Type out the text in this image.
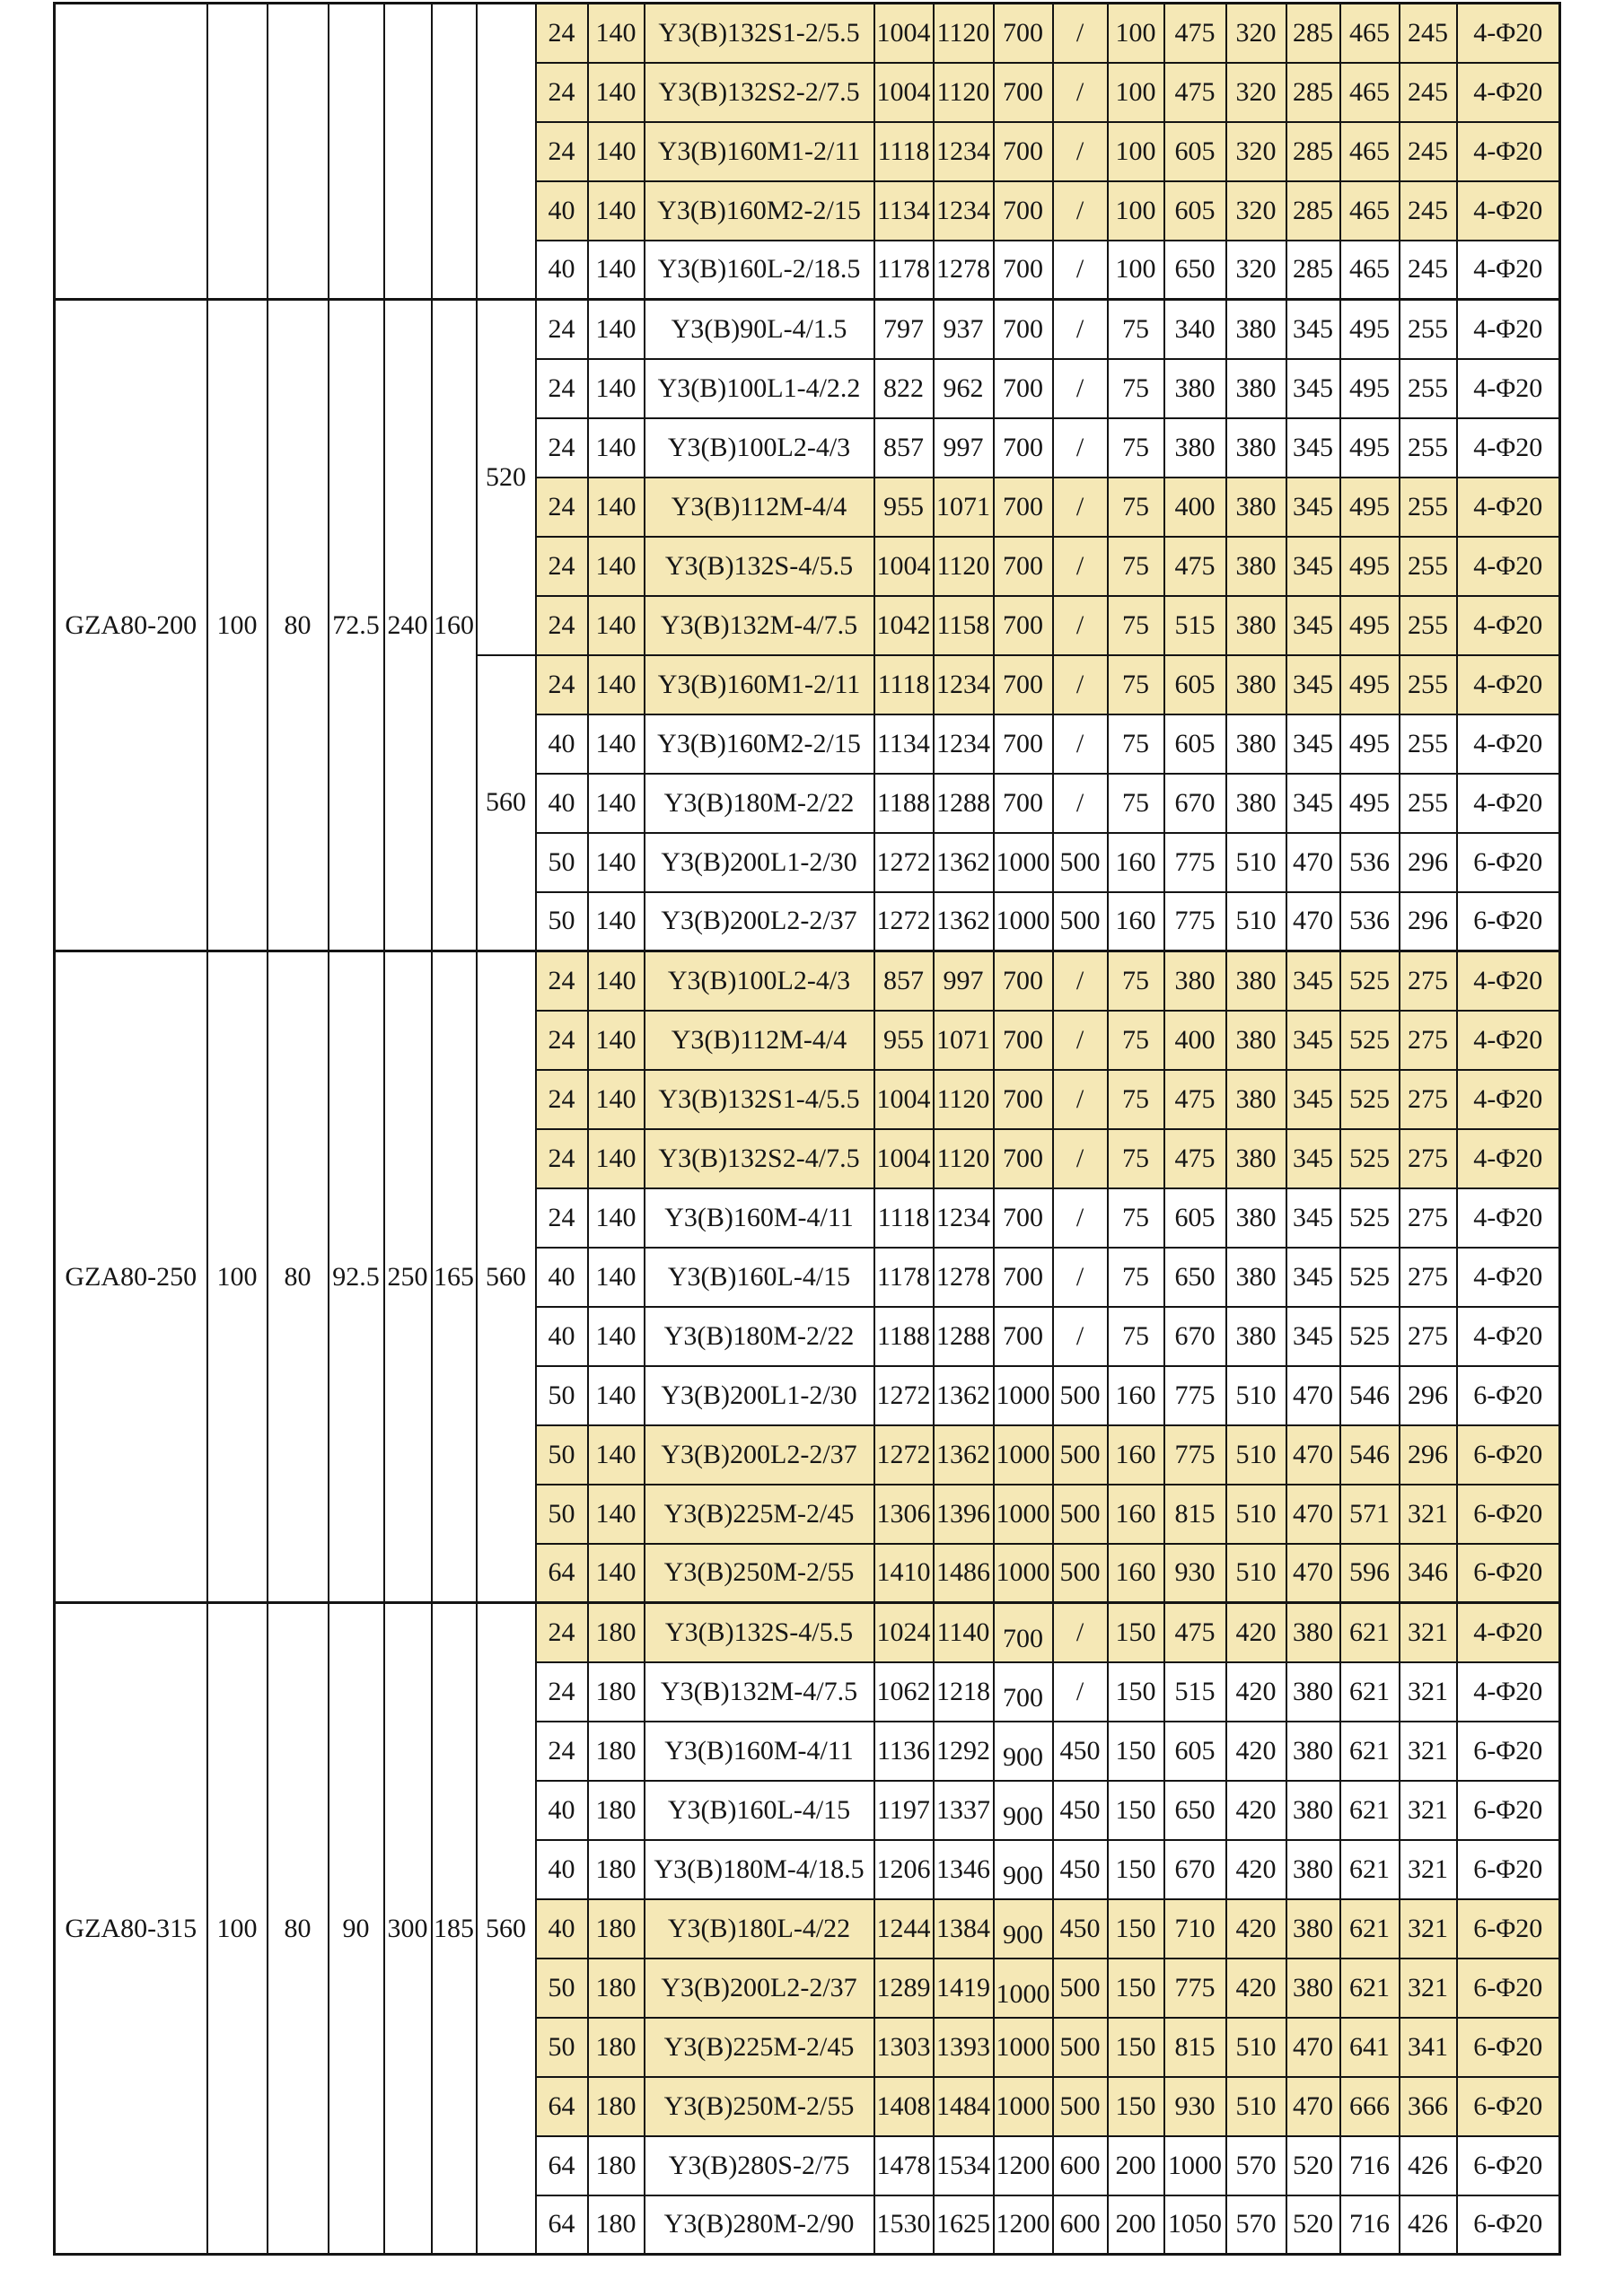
							24	140	Y3(B)132S1-2/5.5	1004	1120	700	/	100	475	320	285	465	245	4-Φ20
							24	140	Y3(B)132S2-2/7.5	1004	1120	700	/	100	475	320	285	465	245	4-Φ20
							24	140	Y3(B)160M1-2/11	1118	1234	700	/	100	605	320	285	465	245	4-Φ20
							40	140	Y3(B)160M2-2/15	1134	1234	700	/	100	605	320	285	465	245	4-Φ20
							40	140	Y3(B)160L-2/18.5	1178	1278	700	/	100	650	320	285	465	245	4-Φ20
GZA80-200	100	80	72.5	240	160	520	24	140	Y3(B)90L-4/1.5	797	937	700	/	75	340	380	345	495	255	4-Φ20
							24	140	Y3(B)100L1-4/2.2	822	962	700	/	75	380	380	345	495	255	4-Φ20
							24	140	Y3(B)100L2-4/3	857	997	700	/	75	380	380	345	495	255	4-Φ20
							24	140	Y3(B)112M-4/4	955	1071	700	/	75	400	380	345	495	255	4-Φ20
							24	140	Y3(B)132S-4/5.5	1004	1120	700	/	75	475	380	345	495	255	4-Φ20
							24	140	Y3(B)132M-4/7.5	1042	1158	700	/	75	515	380	345	495	255	4-Φ20
						560	24	140	Y3(B)160M1-2/11	1118	1234	700	/	75	605	380	345	495	255	4-Φ20
							40	140	Y3(B)160M2-2/15	1134	1234	700	/	75	605	380	345	495	255	4-Φ20
							40	140	Y3(B)180M-2/22	1188	1288	700	/	75	670	380	345	495	255	4-Φ20
							50	140	Y3(B)200L1-2/30	1272	1362	1000	500	160	775	510	470	536	296	6-Φ20
							50	140	Y3(B)200L2-2/37	1272	1362	1000	500	160	775	510	470	536	296	6-Φ20
GZA80-250	100	80	92.5	250	165	560	24	140	Y3(B)100L2-4/3	857	997	700	/	75	380	380	345	525	275	4-Φ20
							24	140	Y3(B)112M-4/4	955	1071	700	/	75	400	380	345	525	275	4-Φ20
							24	140	Y3(B)132S1-4/5.5	1004	1120	700	/	75	475	380	345	525	275	4-Φ20
							24	140	Y3(B)132S2-4/7.5	1004	1120	700	/	75	475	380	345	525	275	4-Φ20
							24	140	Y3(B)160M-4/11	1118	1234	700	/	75	605	380	345	525	275	4-Φ20
							40	140	Y3(B)160L-4/15	1178	1278	700	/	75	650	380	345	525	275	4-Φ20
							40	140	Y3(B)180M-2/22	1188	1288	700	/	75	670	380	345	525	275	4-Φ20
							50	140	Y3(B)200L1-2/30	1272	1362	1000	500	160	775	510	470	546	296	6-Φ20
							50	140	Y3(B)200L2-2/37	1272	1362	1000	500	160	775	510	470	546	296	6-Φ20
							50	140	Y3(B)225M-2/45	1306	1396	1000	500	160	815	510	470	571	321	6-Φ20
							64	140	Y3(B)250M-2/55	1410	1486	1000	500	160	930	510	470	596	346	6-Φ20
GZA80-315	100	80	90	300	185	560	24	180	Y3(B)132S-4/5.5	1024	1140	700	/	150	475	420	380	621	321	4-Φ20
							24	180	Y3(B)132M-4/7.5	1062	1218	700	/	150	515	420	380	621	321	4-Φ20
							24	180	Y3(B)160M-4/11	1136	1292	900	450	150	605	420	380	621	321	6-Φ20
							40	180	Y3(B)160L-4/15	1197	1337	900	450	150	650	420	380	621	321	6-Φ20
							40	180	Y3(B)180M-4/18.5	1206	1346	900	450	150	670	420	380	621	321	6-Φ20
							40	180	Y3(B)180L-4/22	1244	1384	900	450	150	710	420	380	621	321	6-Φ20
							50	180	Y3(B)200L2-2/37	1289	1419	1000	500	150	775	420	380	621	321	6-Φ20
							50	180	Y3(B)225M-2/45	1303	1393	1000	500	150	815	510	470	641	341	6-Φ20
							64	180	Y3(B)250M-2/55	1408	1484	1000	500	150	930	510	470	666	366	6-Φ20
							64	180	Y3(B)280S-2/75	1478	1534	1200	600	200	1000	570	520	716	426	6-Φ20
							64	180	Y3(B)280M-2/90	1530	1625	1200	600	200	1050	570	520	716	426	6-Φ20
